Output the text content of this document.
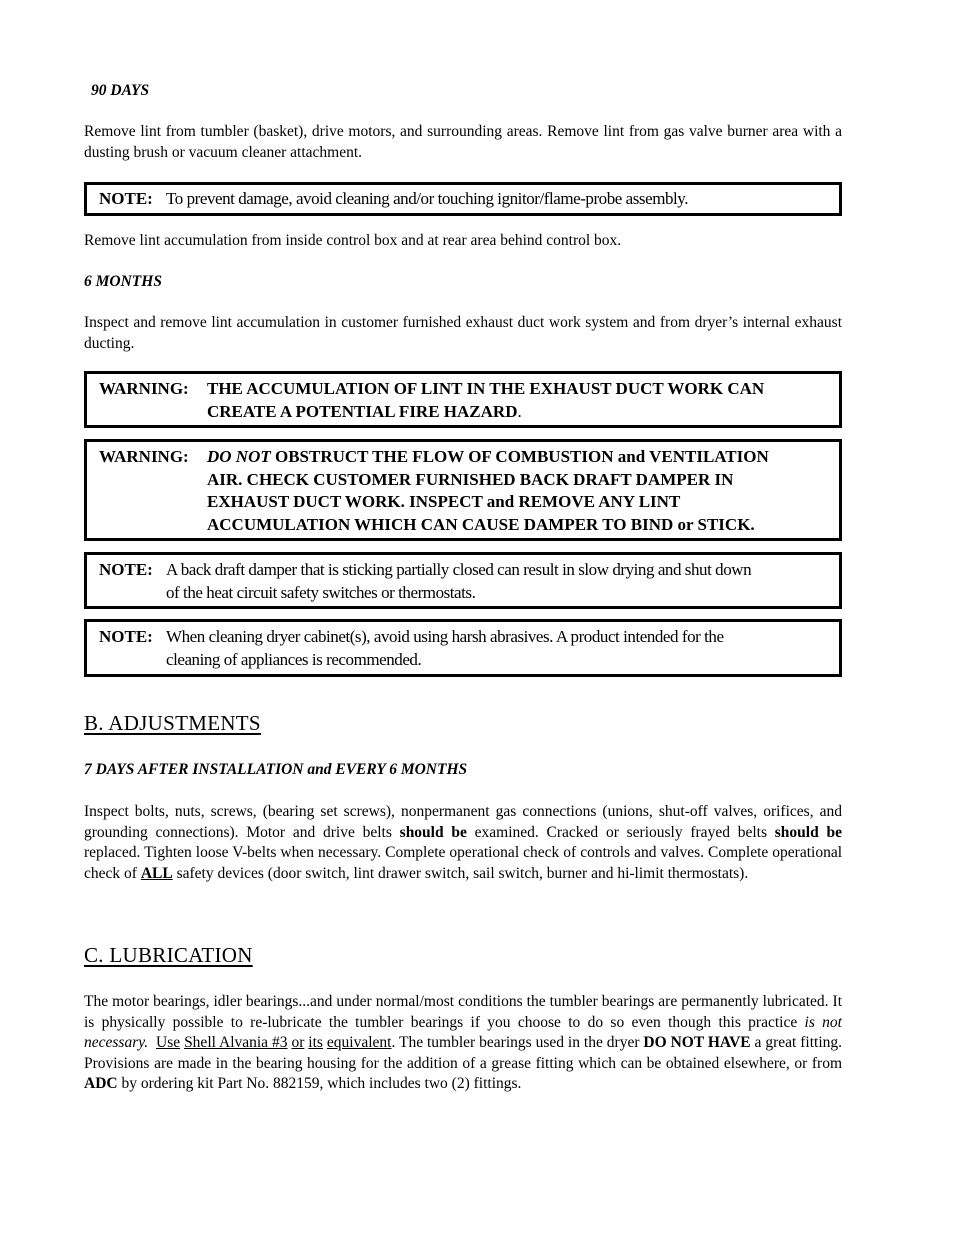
90 DAYS

Remove lint from tumbler (basket), drive motors, and surrounding areas. Remove lint from gas valve burner area with a dusting brush or vacuum cleaner attachment.

NOTE: To prevent damage, avoid cleaning and/or touching ignitor/flame-probe assembly.

Remove lint accumulation from inside control box and at rear area behind control box.

6 MONTHS

Inspect and remove lint accumulation in customer furnished exhaust duct work system and from dryer’s internal exhaust ducting.

WARNING: THE ACCUMULATION OF LINT IN THE EXHAUST DUCT WORK CAN
CREATE A POTENTIAL FIRE HAZARD.
WARNING: DO NOT OBSTRUCT THE FLOW OF COMBUSTION and VENTILATION
AIR. CHECK CUSTOMER FURNISHED BACK DRAFT DAMPER IN
EXHAUST DUCT WORK. INSPECT and REMOVE ANY LINT
ACCUMULATION WHICH CAN CAUSE DAMPER TO BIND or STICK.
NOTE: A back draft damper that is sticking partially closed can result in slow drying and shut down
of the heat circuit safety switches or thermostats.
NOTE: When cleaning dryer cabinet(s), avoid using harsh abrasives. A product intended for the
cleaning of appliances is recommended.
B. ADJUSTMENTS
7 DAYS AFTER INSTALLATION and EVERY 6 MONTHS

Inspect bolts, nuts, screws, (bearing set screws), nonpermanent gas connections (unions, shut-off valves, orifices, and grounding connections). Motor and drive belts should be examined. Cracked or seriously frayed belts should be replaced. Tighten loose V-belts when necessary. Complete operational check of controls and valves. Complete operational check of ALL safety devices (door switch, lint drawer switch, sail switch, burner and hi-limit thermostats).

C. LUBRICATION

The motor bearings, idler bearings...and under normal/most conditions the tumbler bearings are permanently lubricated. It is physically possible to re-lubricate the tumbler bearings if you choose to do so even though this practice is not necessary. Use Shell Alvania #3 or its equivalent. The tumbler bearings used in the dryer DO NOT HAVE a great fitting. Provisions are made in the bearing housing for the addition of a grease fitting which can be obtained elsewhere, or from ADC by ordering kit Part No. 882159, which includes two (2) fittings.
